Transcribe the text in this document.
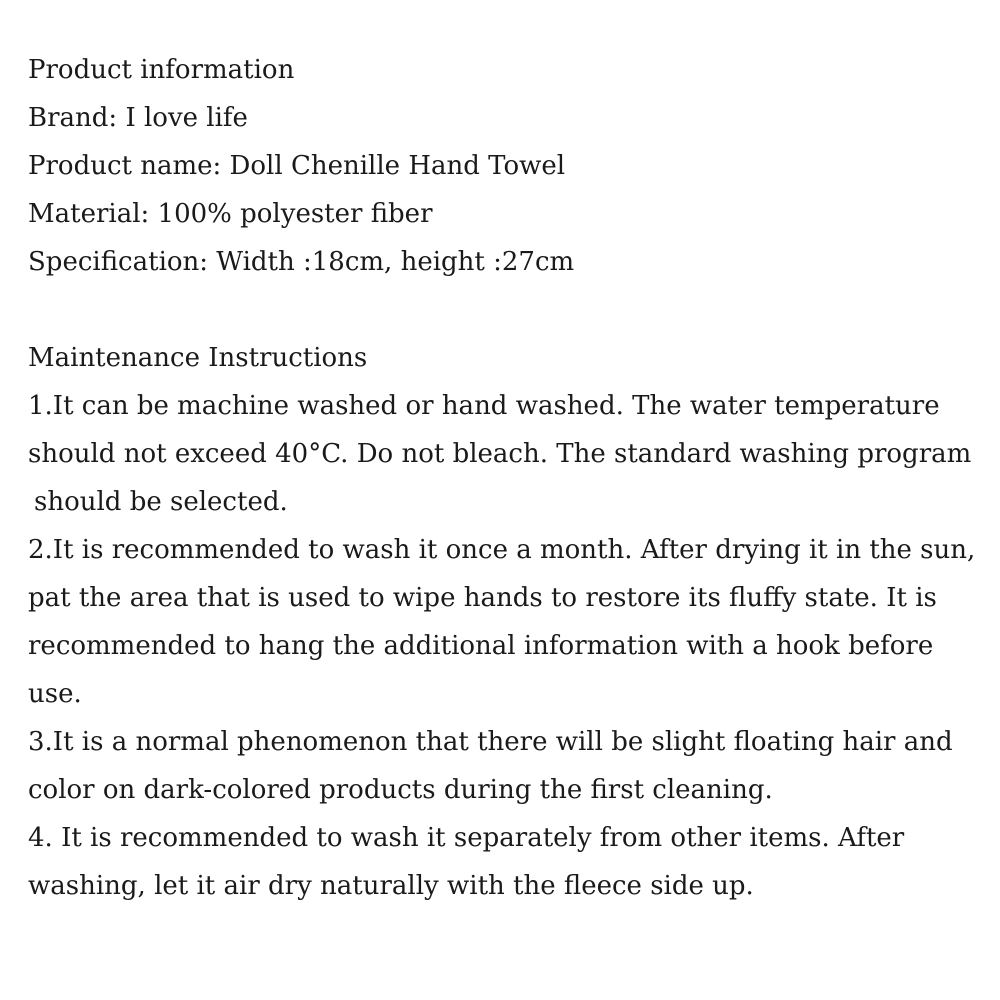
Product information
Brand: I love life
Product name: Doll Chenille Hand Towel
Material: 100% polyester fiber
Specification: Width :18cm, height :27cm
Maintenance Instructions
1.It can be machine washed or hand washed. The water temperature
should not exceed 40°C. Do not bleach. The standard washing program
should be selected.
2.It is recommended to wash it once a month. After drying it in the sun,
pat the area that is used to wipe hands to restore its fluffy state. It is
recommended to hang the additional information with a hook before
use.
3.It is a normal phenomenon that there will be slight floating hair and
color on dark-colored products during the first cleaning.
4. It is recommended to wash it separately from other items. After
washing, let it air dry naturally with the fleece side up.
